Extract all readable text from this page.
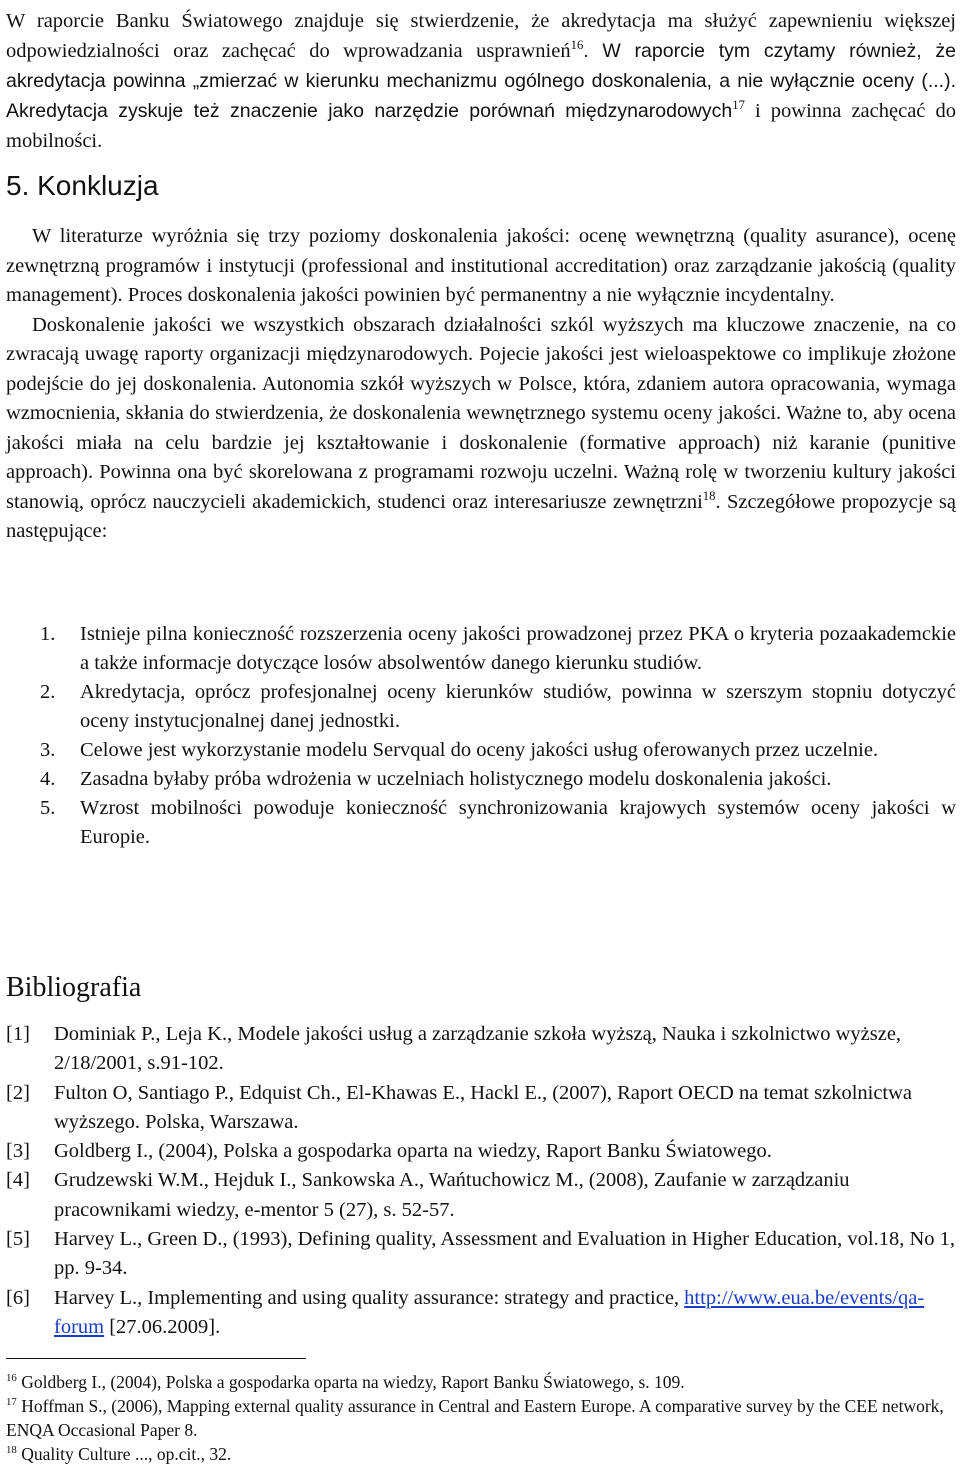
W raporcie Banku Światowego znajduje się stwierdzenie, że akredytacja ma służyć zapewnieniu większej odpowiedzialności oraz zachęcać do wprowadzania usprawnień$^{16}$. W raporcie tym czytamy również, że akredytacja powinna „zmierzać w kierunku mechanizmu ogólnego doskonalenia, a nie wyłącznie oceny (...). Akredytacja zyskuje też znaczenie jako narzędzie porównań międzynarodowych$^{17}$ i powinna zachęcać do mobilności.

5. Konkluzja

W literaturze wyróżnia się trzy poziomy doskonalenia jakości: ocenę wewnętrzną (quality asurance), ocenę zewnętrzną programów i instytucji (professional and institutional accreditation) oraz zarządzanie jakością (quality management). Proces doskonalenia jakości powinien być permanentny a nie wyłącznie incydentalny.

Doskonalenie jakości we wszystkich obszarach działalności szkól wyższych ma kluczowe znaczenie, na co zwracają uwagę raporty organizacji międzynarodowych. Pojecie jakości jest wieloaspektowe co implikuje złożone podejście do jej doskonalenia. Autonomia szkół wyższych w Polsce, która, zdaniem autora opracowania, wymaga wzmocnienia, skłania do stwierdzenia, że doskonalenia wewnętrznego systemu oceny jakości. Ważne to, aby ocena jakości miała na celu bardzie jej kształtowanie i doskonalenie (formative approach) niż karanie (punitive approach). Powinna ona być skorelowana z programami rozwoju uczelni. Ważną rolę w tworzeniu kultury jakości stanowią, oprócz nauczycieli akademickich, studenci oraz interesariusze zewnętrzni$^{18}$. Szczegółowe propozycje są następujące:

1. Istnieje pilna konieczność rozszerzenia oceny jakości prowadzonej przez PKA o kryteria pozaakademckie a także informacje dotyczące losów absolwentów danego kierunku studiów.
2. Akredytacja, oprócz profesjonalnej oceny kierunków studiów, powinna w szerszym stopniu dotyczyć oceny instytucjonalnej danej jednostki.
3. Celowe jest wykorzystanie modelu Servqual do oceny jakości usług oferowanych przez uczelnie.
4. Zasadna byłaby próba wdrożenia w uczelniach holistycznego modelu doskonalenia jakości.
5. Wzrost mobilności powoduje konieczność synchronizowania krajowych systemów oceny jakości w Europie.
Bibliografia
[1] Dominiak P., Leja K., Modele jakości usług a zarządzanie szkoła wyższą, Nauka i szkolnictwo wyższe, 2/18/2001, s.91-102.
[2] Fulton O, Santiago P., Edquist Ch., El-Khawas E., Hackl E., (2007), Raport OECD na temat szkolnictwa wyższego. Polska, Warszawa.
[3] Goldberg I., (2004), Polska a gospodarka oparta na wiedzy, Raport Banku Światowego.
[4] Grudzewski W.M., Hejduk I., Sankowska A., Wańtuchowicz M., (2008), Zaufanie w zarządzaniu pracownikami wiedzy, e-mentor 5 (27), s. 52-57.
[5] Harvey L., Green D., (1993), Defining quality, Assessment and Evaluation in Higher Education, vol.18, No 1, pp. 9-34.
[6] Harvey L., Implementing and using quality assurance: strategy and practice, http://www.eua.be/events/qa-forum [27.06.2009].

$^{16}$ Goldberg I., (2004), Polska a gospodarka oparta na wiedzy, Raport Banku Światowego, s. 109.

$^{17}$ Hoffman S., (2006), Mapping external quality assurance in Central and Eastern Europe. A comparative survey by the CEE network, ENQA Occasional Paper 8.

$^{18}$ Quality Culture ..., op.cit., 32.
